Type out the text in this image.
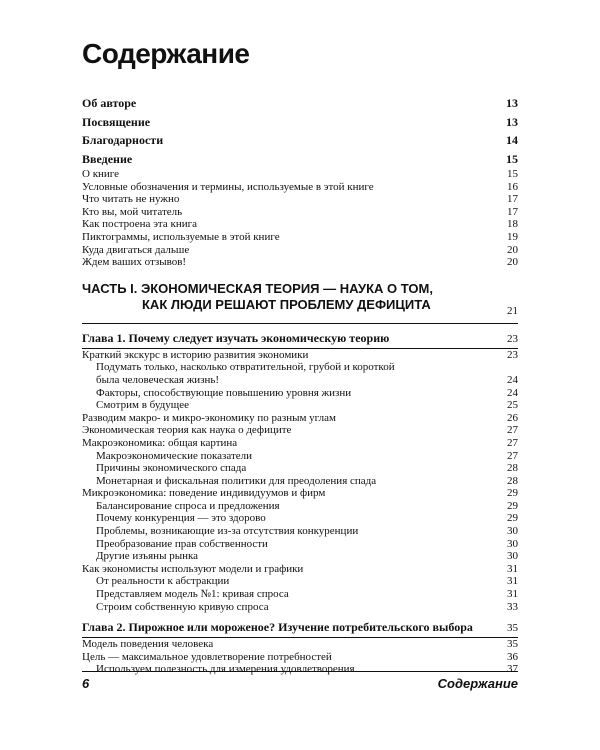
Содержание
Об авторе	13
Посвящение	13
Благодарности	14
Введение	15
О книге	15
Условные обозначения и термины, используемые в этой книге	16
Что читать не нужно	17
Кто вы, мой читатель	17
Как построена эта книга	18
Пиктограммы, используемые в этой книге	19
Куда двигаться дальше	20
Ждем ваших отзывов!	20
ЧАСТЬ I. ЭКОНОМИЧЕСКАЯ ТЕОРИЯ — НАУКА О ТОМ,
КАК ЛЮДИ РЕШАЮТ ПРОБЛЕМУ ДЕФИЦИТА	21
Глава 1. Почему следует изучать экономическую теорию	23
Краткий экскурс в историю развития экономики	23
Подумать только, насколько отвратительной, грубой и короткой
была человеческая жизнь!	24
Факторы, способствующие повышению уровня жизни	24
Смотрим в будущее	25
Разводим макро- и микро-экономику по разным углам	26
Экономическая теория как наука о дефиците	27
Макроэкономика: общая картина	27
Макроэкономические показатели	27
Причины экономического спада	28
Монетарная и фискальная политики для преодоления спада	28
Микроэкономика: поведение индивидуумов и фирм	29
Балансирование спроса и предложения	29
Почему конкуренция — это здорово	29
Проблемы, возникающие из-за отсутствия конкуренции	30
Преобразование прав собственности	30
Другие изъяны рынка	30
Как экономисты используют модели и графики	31
От реальности к абстракции	31
Представляем модель №1: кривая спроса	31
Строим собственную кривую спроса	33
Глава 2. Пирожное или мороженое? Изучение потребительского выбора	35
Модель поведения человека	35
Цель — максимальное удовлетворение потребностей	36
Используем полезность для измерения удовлетворения	37
6	Содержание
